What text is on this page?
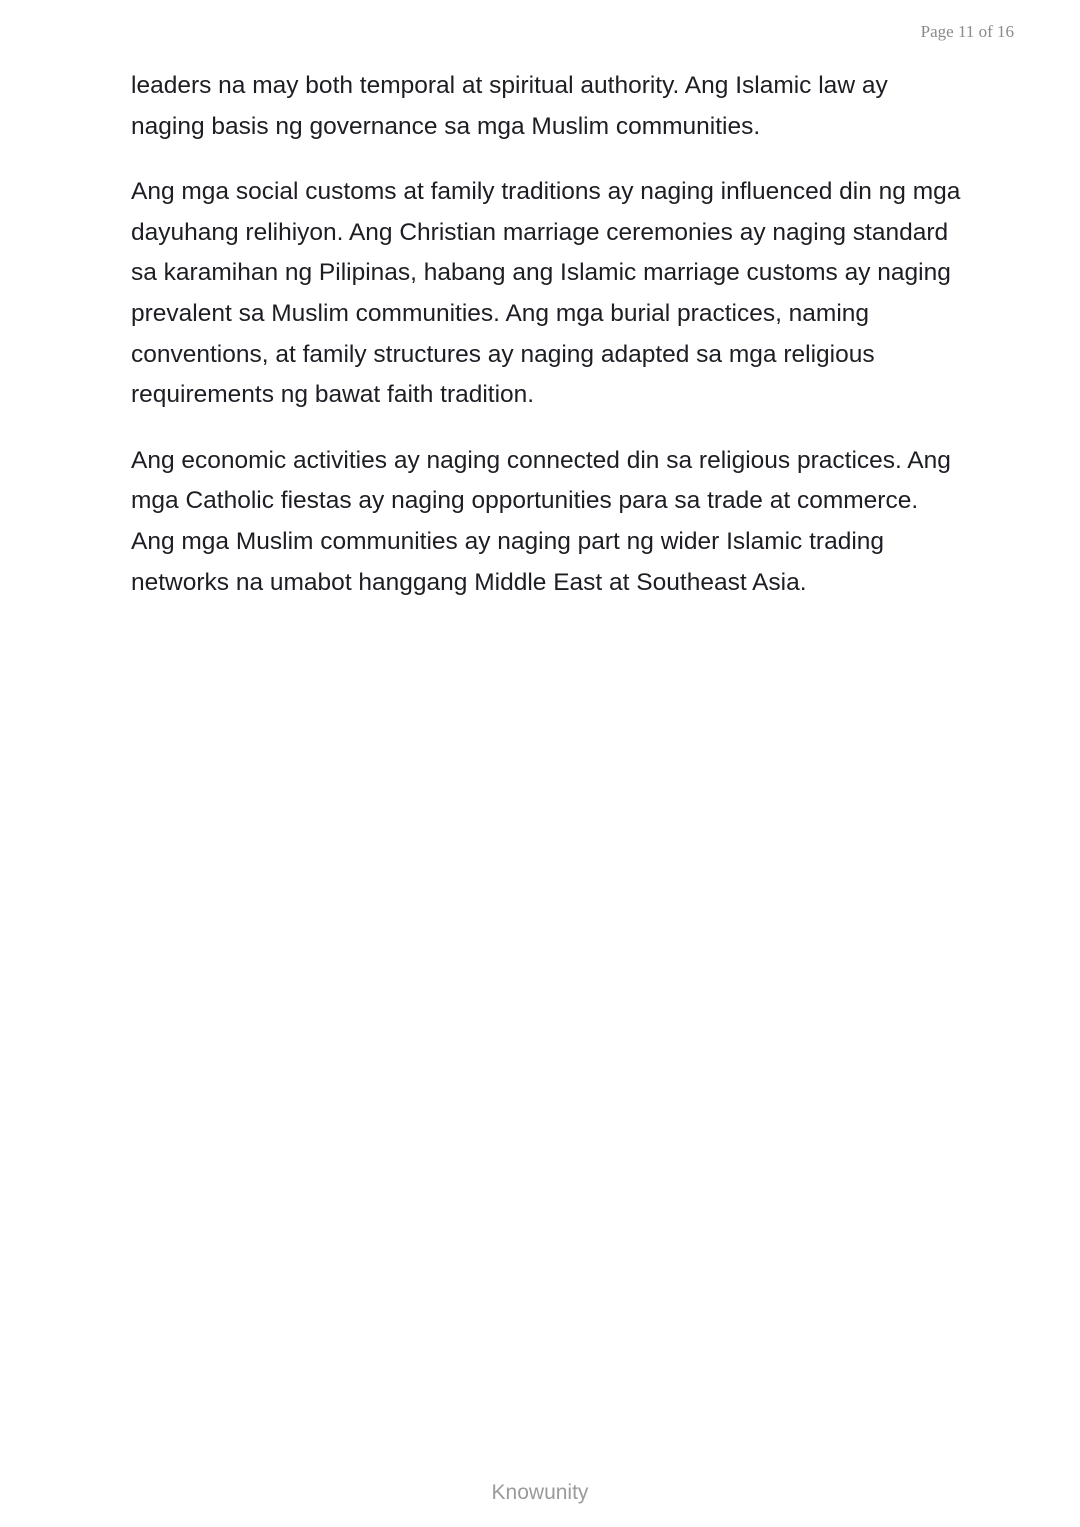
Page 11 of 16

leaders na may both temporal at spiritual authority. Ang Islamic law ay naging basis ng governance sa mga Muslim communities.

Ang mga social customs at family traditions ay naging influenced din ng mga dayuhang relihiyon. Ang Christian marriage ceremonies ay naging standard sa karamihan ng Pilipinas, habang ang Islamic marriage customs ay naging prevalent sa Muslim communities. Ang mga burial practices, naming conventions, at family structures ay naging adapted sa mga religious requirements ng bawat faith tradition.

Ang economic activities ay naging connected din sa religious practices. Ang mga Catholic fiestas ay naging opportunities para sa trade at commerce. Ang mga Muslim communities ay naging part ng wider Islamic trading networks na umabot hanggang Middle East at Southeast Asia.

Knowunity
